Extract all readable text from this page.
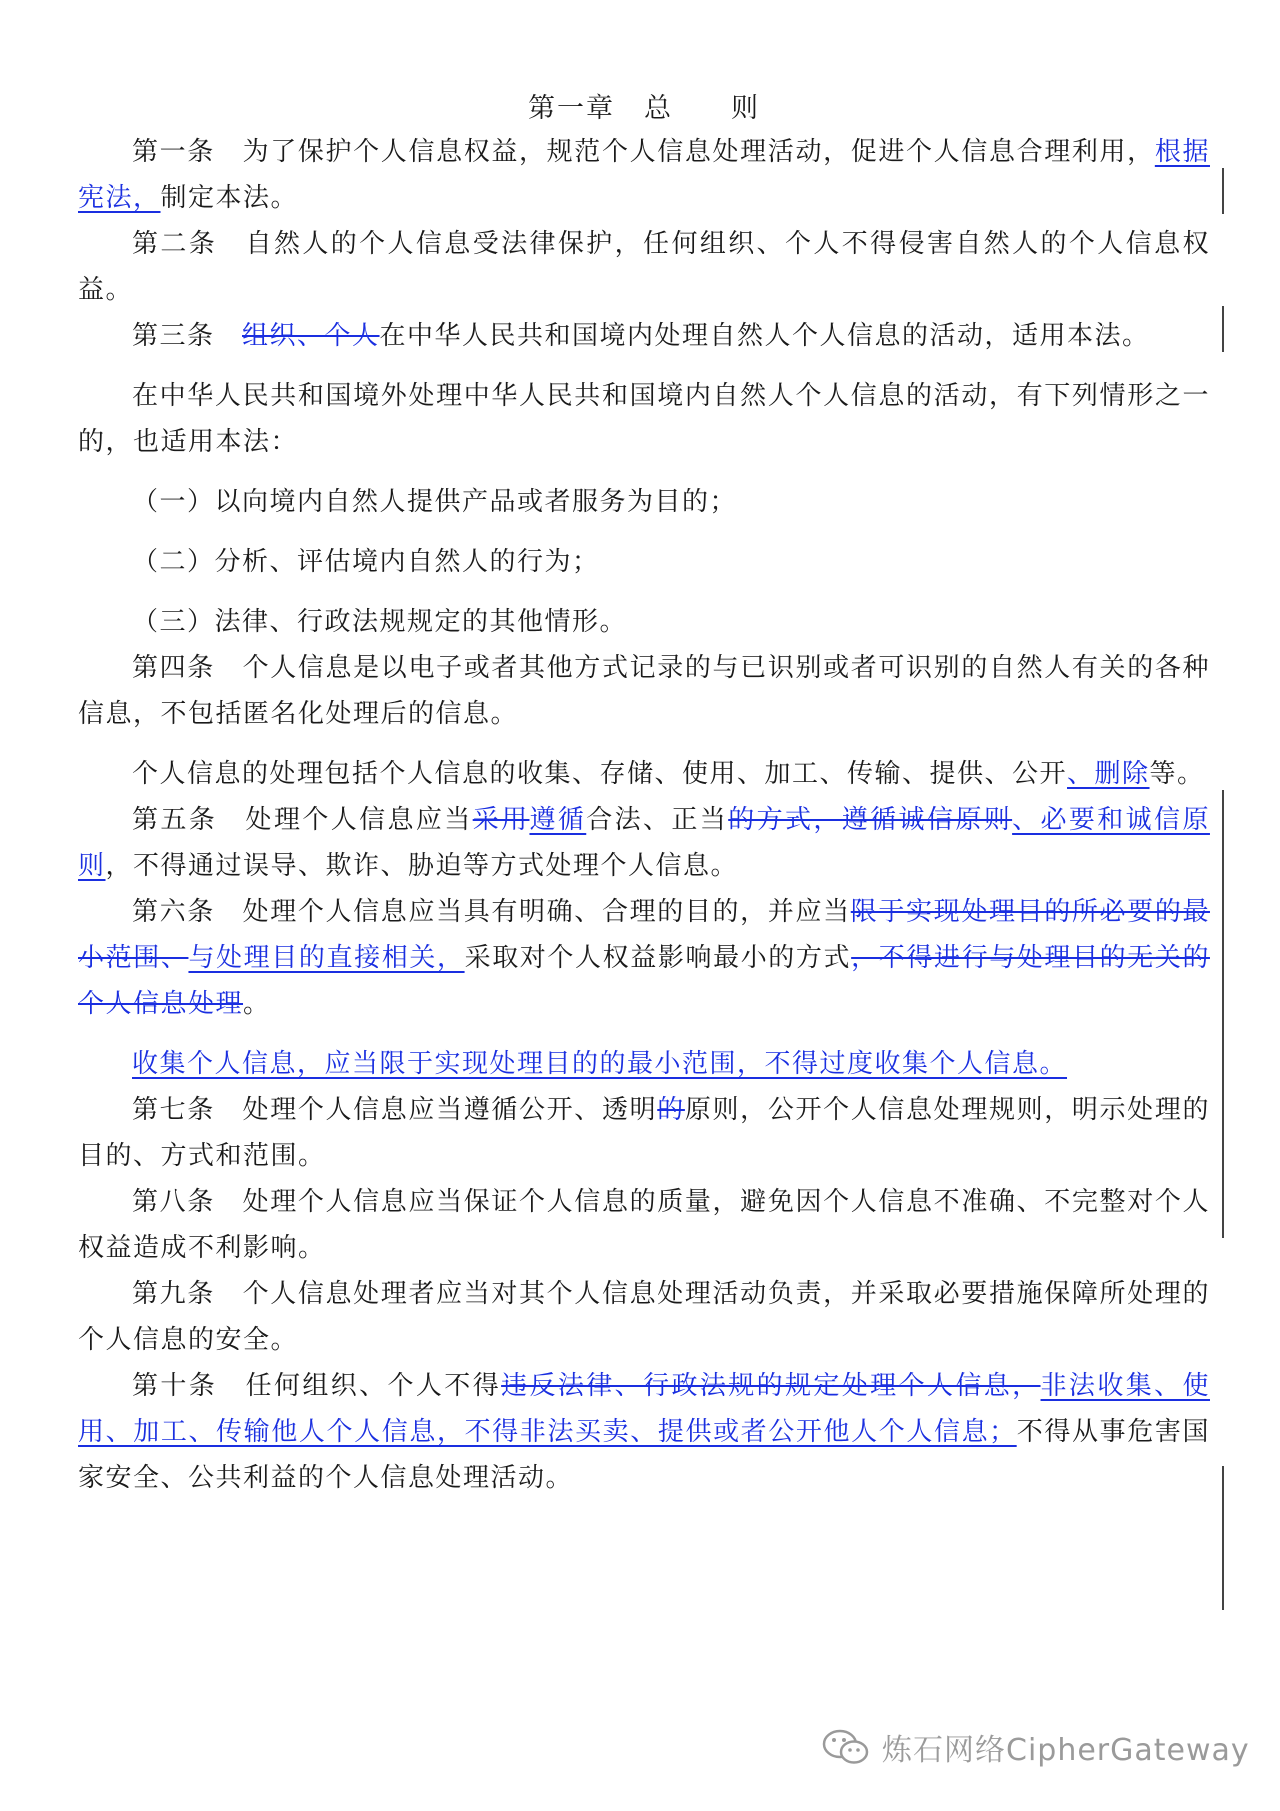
第一章　总　　则

第一条　为了保护个人信息权益，规范个人信息处理活动，促进个人信息合理利用，根据宪法，制定本法。

第二条　自然人的个人信息受法律保护，任何组织、个人不得侵害自然人的个人信息权益。

第三条　组织、个人在中华人民共和国境内处理自然人个人信息的活动，适用本法。

在中华人民共和国境外处理中华人民共和国境内自然人个人信息的活动，有下列情形之一的，也适用本法：

（一）以向境内自然人提供产品或者服务为目的；

（二）分析、评估境内自然人的行为；

（三）法律、行政法规规定的其他情形。

第四条　个人信息是以电子或者其他方式记录的与已识别或者可识别的自然人有关的各种信息，不包括匿名化处理后的信息。

个人信息的处理包括个人信息的收集、存储、使用、加工、传输、提供、公开、删除等。

第五条　处理个人信息应当采用遵循合法、正当的方式，遵循诚信原则、必要和诚信原则，不得通过误导、欺诈、胁迫等方式处理个人信息。

第六条　处理个人信息应当具有明确、合理的目的，并应当限于实现处理目的所必要的最小范围、与处理目的直接相关，采取对个人权益影响最小的方式，不得进行与处理目的无关的个人信息处理。

收集个人信息，应当限于实现处理目的的最小范围，不得过度收集个人信息。

第七条　处理个人信息应当遵循公开、透明的原则，公开个人信息处理规则，明示处理的目的、方式和范围。

第八条　处理个人信息应当保证个人信息的质量，避免因个人信息不准确、不完整对个人权益造成不利影响。

第九条　个人信息处理者应当对其个人信息处理活动负责，并采取必要措施保障所处理的个人信息的安全。

第十条　任何组织、个人不得违反法律、行政法规的规定处理个人信息，非法收集、使用、加工、传输他人个人信息，不得非法买卖、提供或者公开他人个人信息；不得从事危害国家安全、公共利益的个人信息处理活动。

炼石网络CipherGateway
